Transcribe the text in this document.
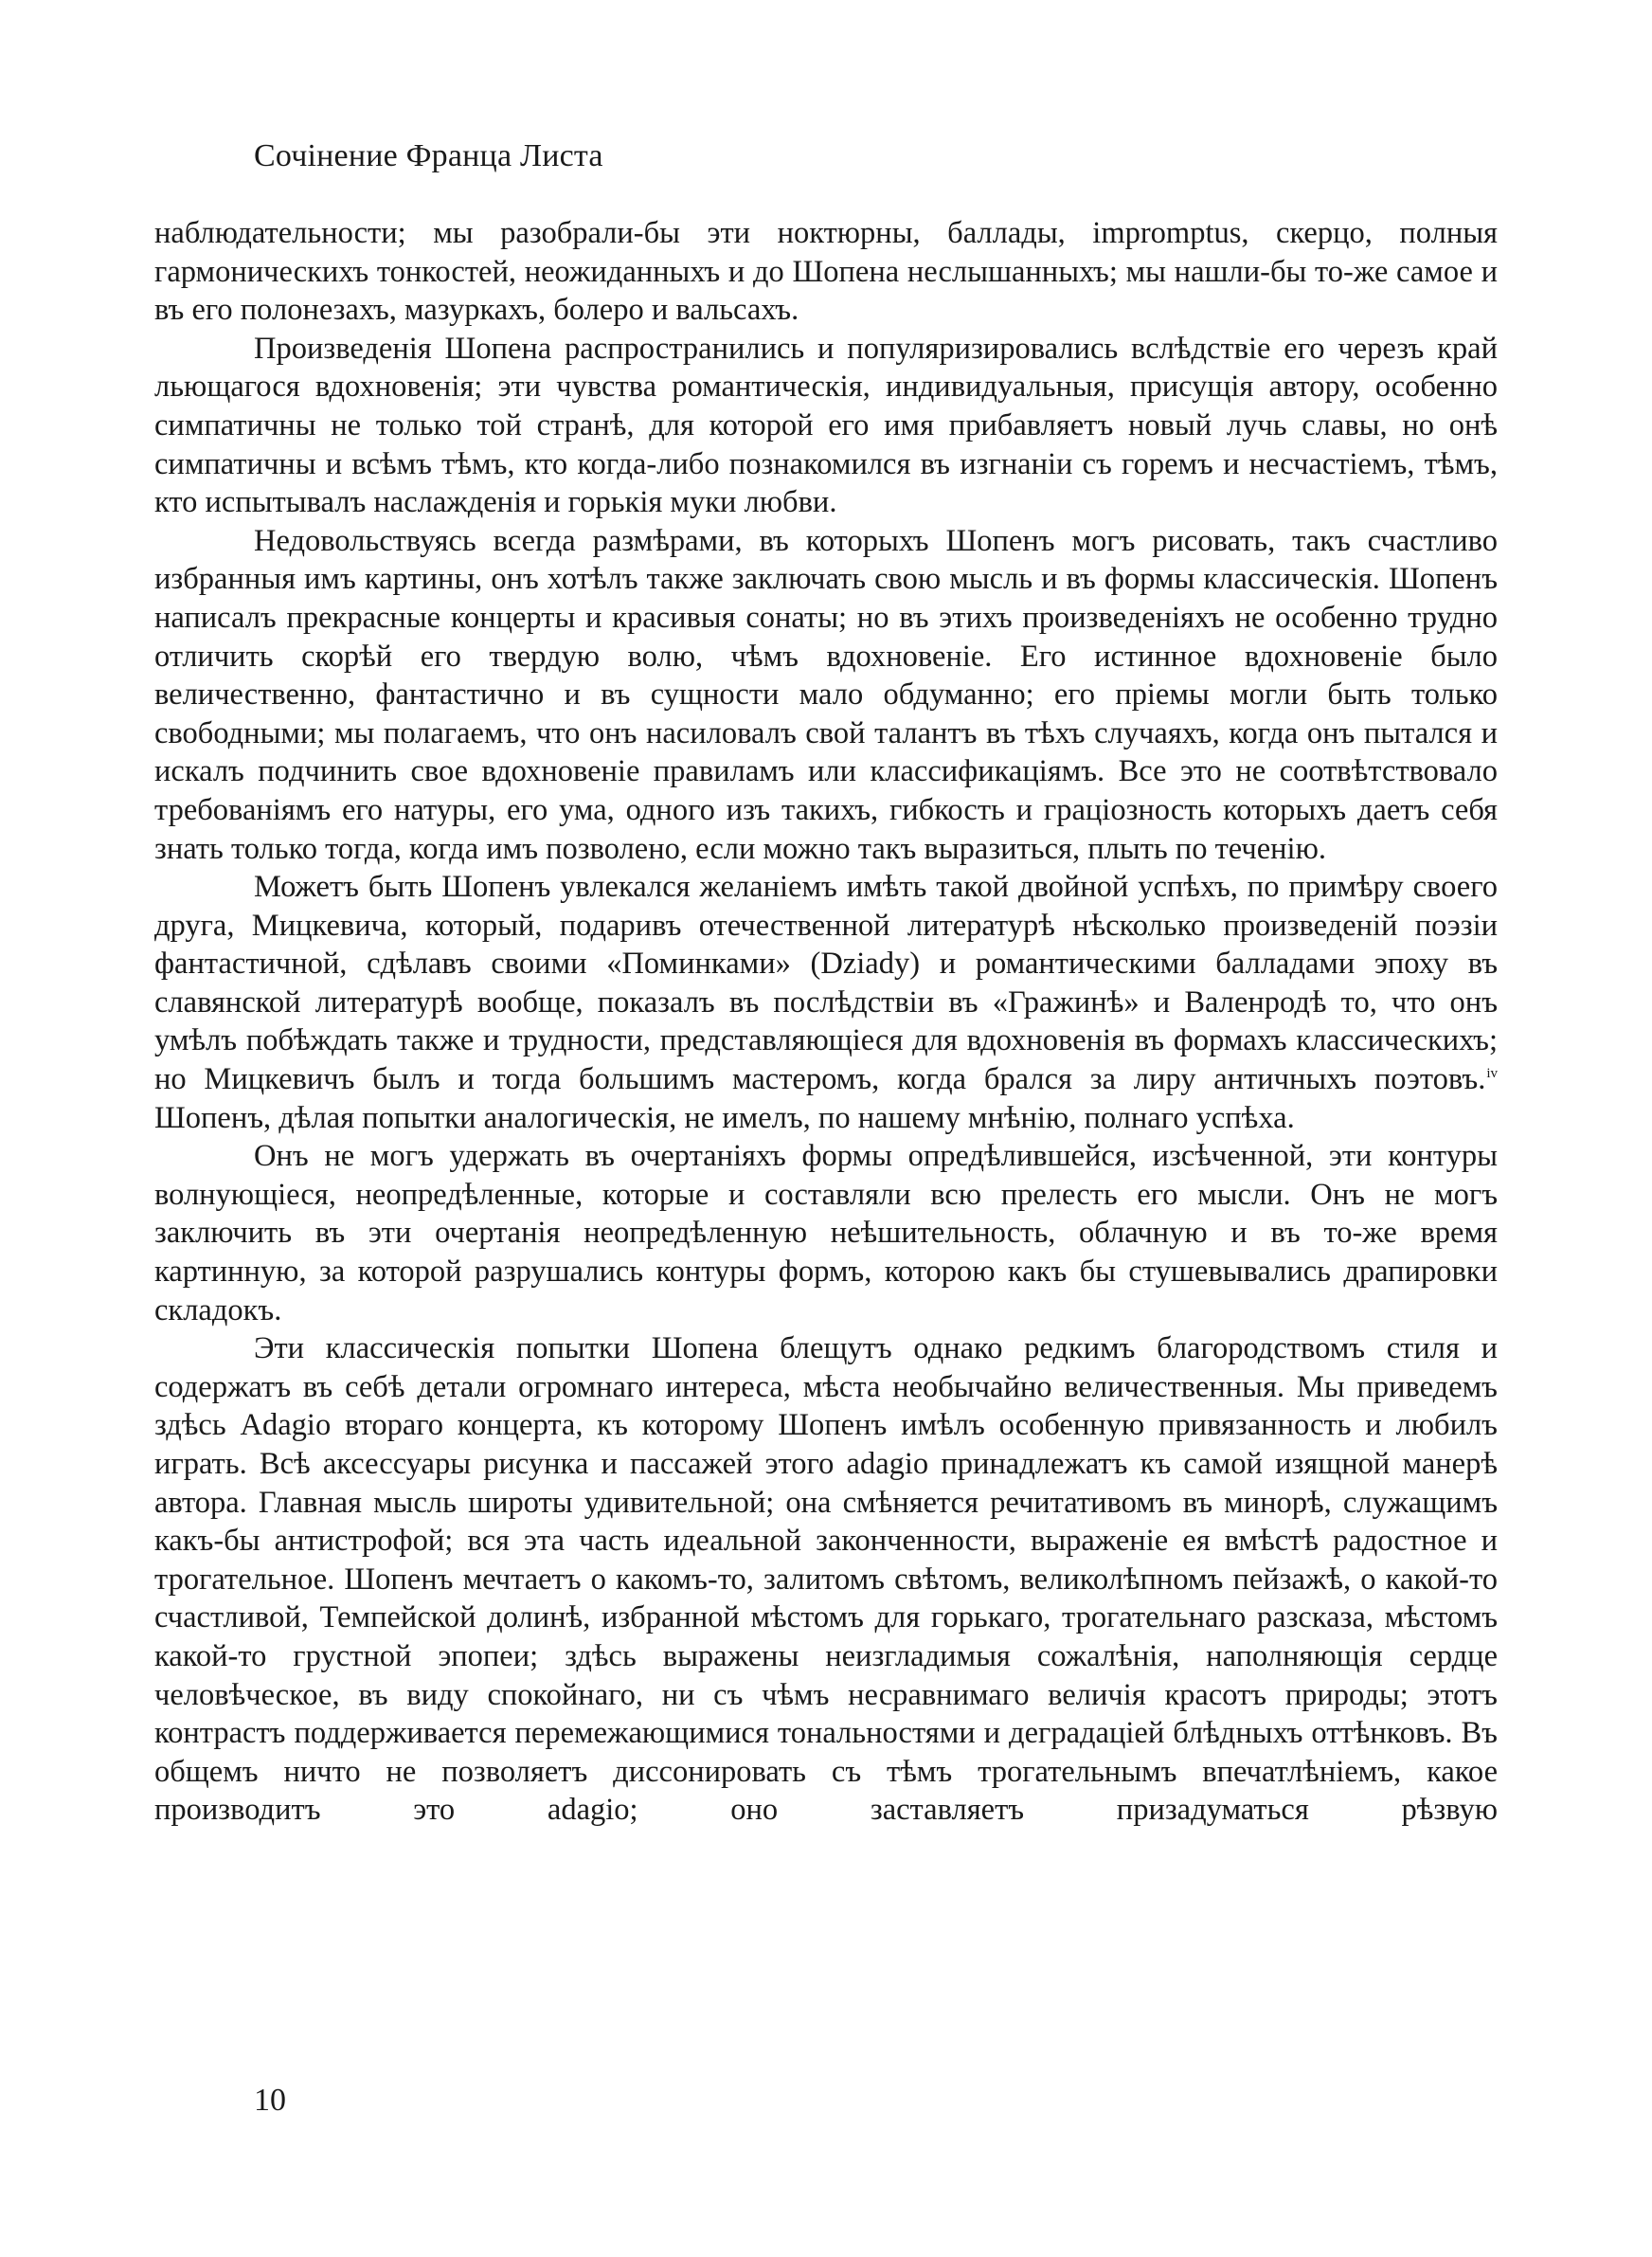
Сочiнение Франца Листа

наблюдательности; мы разобрали-бы эти ноктюрны, баллады, impromptus, скерцо, полныя гармоническихъ тонкостей, неожиданныхъ и до Шопена неслышанныхъ; мы нашли-бы то-же самое и въ его полонезахъ, мазуркахъ, болеро и вальсахъ.

Произведенiя Шопена распространились и популяризировались вслѣдствiе его черезъ край льющагося вдохновенiя; эти чувства романтическiя, индивидуальныя, присущiя автору, особенно симпатичны не только той странѣ, для которой его имя прибавляетъ новый лучь славы, но онѣ симпатичны и всѣмъ тѣмъ, кто когда-либо познакомился въ изгнанiи съ горемъ и несчастiемъ, тѣмъ, кто испытывалъ наслажденiя и горькiя муки любви.

Недовольствуясь всегда размѣрами, въ которыхъ Шопенъ могъ рисовать, такъ счастливо избранныя имъ картины, онъ хотѣлъ также заключать свою мысль и въ формы классическiя. Шопенъ написалъ прекрасные концерты и красивыя сонаты; но въ этихъ произведенiяхъ не особенно трудно отличить скорѣй его твердую волю, чѣмъ вдохновенiе. Его истинное вдохновенiе было величественно, фантастично и въ сущности мало обдуманно; его прiемы могли быть только свободными; мы полагаемъ, что онъ насиловалъ свой талантъ въ тѣхъ случаяхъ, когда онъ пытался и искалъ подчинить свое вдохновенiе правиламъ или классификацiямъ. Все это не соотвѣтствовало требованiямъ его натуры, его ума, одного изъ такихъ, гибкость и грацiозность которыхъ даетъ себя знать только тогда, когда имъ позволено, если можно такъ выразиться, плыть по теченiю.

Можетъ быть Шопенъ увлекался желанiемъ имѣть такой двойной успѣхъ, по примѣру своего друга, Мицкевича, который, подаривъ отечественной литературѣ нѣсколько произведенiй поэзiи фантастичной, сдѣлавъ своими «Поминками» (Dziady) и романтическими балладами эпоху въ славянской литературѣ вообще, показалъ въ послѣдствiи въ «Гражинѣ» и Валенродѣ то, что онъ умѣлъ побѣждать также и трудности, представляющiеся для вдохновенiя въ формахъ классическихъ; но Мицкевичъ былъ и тогда большимъ мастеромъ, когда брался за лиру античныхъ поэтовъ.$^{iv}$ Шопенъ, дѣлая попытки аналогическiя, не имелъ, по нашему мнѣнiю, полнаго успѣха.

Онъ не могъ удержать въ очертанiяхъ формы опредѣлившейся, изсѣченной, эти контуры волнующiеся, неопредѣленные, которые и составляли всю прелесть его мысли. Онъ не могъ заключить въ эти очертанiя неопредѣленную неѣшительность, облачную и въ то-же время картинную, за которой разрушались контуры формъ, которою какъ бы стушевывались драпировки складокъ.

Эти классическiя попытки Шопена блещутъ однако редкимъ благородствомъ стиля и содержатъ въ себѣ детали огромнаго интереса, мѣста необычайно величественныя. Мы приведемъ здѣсь Adagio втораго концерта, къ которому Шопенъ имѣлъ особенную привязанность и любилъ играть. Всѣ аксессуары рисунка и пассажей этого adagio принадлежатъ къ самой изящной манерѣ автора. Главная мысль широты удивительной; она смѣняется речитативомъ въ минорѣ, служащимъ какъ-бы антистрофой; вся эта часть идеальной законченности, выраженiе ея вмѣстѣ радостное и трогательное. Шопенъ мечтаетъ о какомъ-то, залитомъ свѣтомъ, великолѣпномъ пейзажѣ, о какой-то счастливой, Темпейской долинѣ, избранной мѣстомъ для горькаго, трогательнаго разсказа, мѣстомъ какой-то грустной эпопеи; здѣсь выражены неизгладимыя сожалѣнiя, наполняющiя сердце человѣческое, въ виду спокойнаго, ни съ чѣмъ несравнимаго величiя красотъ природы; этотъ контрастъ поддерживается перемежающимися тональностями и деградацiей блѣдныхъ оттѣнковъ. Въ общемъ ничто не позволяетъ диссонировать съ тѣмъ трогательнымъ впечатлѣнiемъ, какое производитъ это adagio; оно заставляетъ призадуматься рѣзвую

10
